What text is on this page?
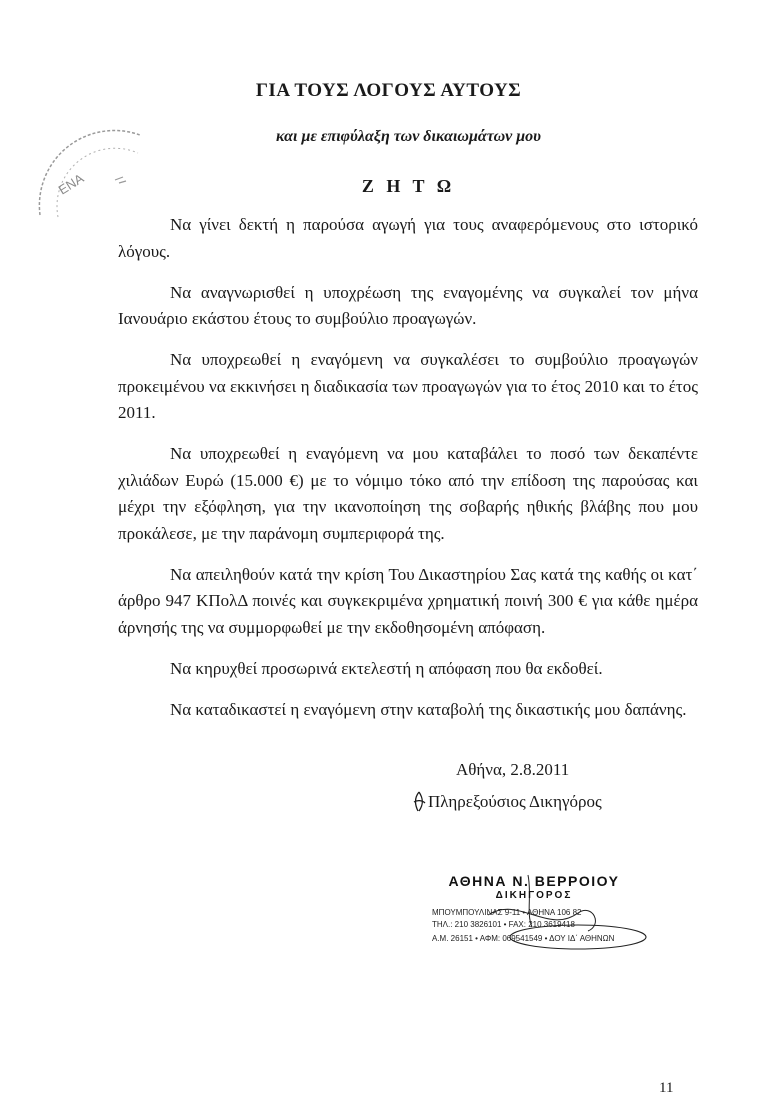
ΕΝΑ
ΓΙΑ ΤΟΥΣ ΛΟΓΟΥΣ ΑΥΤΟΥΣ
και με επιφύλαξη των δικαιωμάτων μου
Ζ Η Τ Ω

Να γίνει δεκτή η παρούσα αγωγή για τους αναφερόμενους στο ιστορικό λόγους.

Να αναγνωρισθεί η υποχρέωση της εναγομένης να συγκαλεί τον μήνα Ιανουάριο εκάστου έτους το συμβούλιο προαγωγών.

Να υποχρεωθεί η εναγόμενη να συγκαλέσει το συμβούλιο προαγωγών προκειμένου να εκκινήσει η διαδικασία των προαγωγών για το έτος 2010 και το έτος 2011.

Να υποχρεωθεί η εναγόμενη να μου καταβάλει το ποσό των δεκαπέντε χιλιάδων Ευρώ (15.000 €) με το νόμιμο τόκο από την επίδοση της παρούσας και μέχρι την εξόφληση, για την ικανοποίηση της σοβαρής ηθικής βλάβης που μου προκάλεσε, με την παράνομη συμπεριφορά της.

Να απειληθούν κατά την κρίση Του Δικαστηρίου Σας κατά της καθής οι κατ΄ άρθρο 947 ΚΠολΔ ποινές και συγκεκριμένα χρηματική ποινή 300 € για κάθε ημέρα άρνησής της να συμμορφωθεί με την εκδοθησομένη απόφαση.

Να κηρυχθεί προσωρινά εκτελεστή η απόφαση που θα εκδοθεί.

Να καταδικαστεί η εναγόμενη στην καταβολή της δικαστικής μου δαπάνης.

Αθήνα, 2.8.2011
Πληρεξούσιος Δικηγόρος
ΑΘΗΝΑ Ν. ΒΕΡΡΟΙΟΥ
ΔΙΚΗΓΟΡΟΣ
ΜΠΟΥΜΠΟΥΛΙΝΑΣ 9-11 • ΑΘΗΝΑ 106 82
ΤΗΛ.: 210 3826101 • FAX: 210 3619418
Α.Μ. 26151 • ΑΦΜ: 069541549 • ΔΟΥ ΙΔ΄ ΑΘΗΝΩΝ
11
